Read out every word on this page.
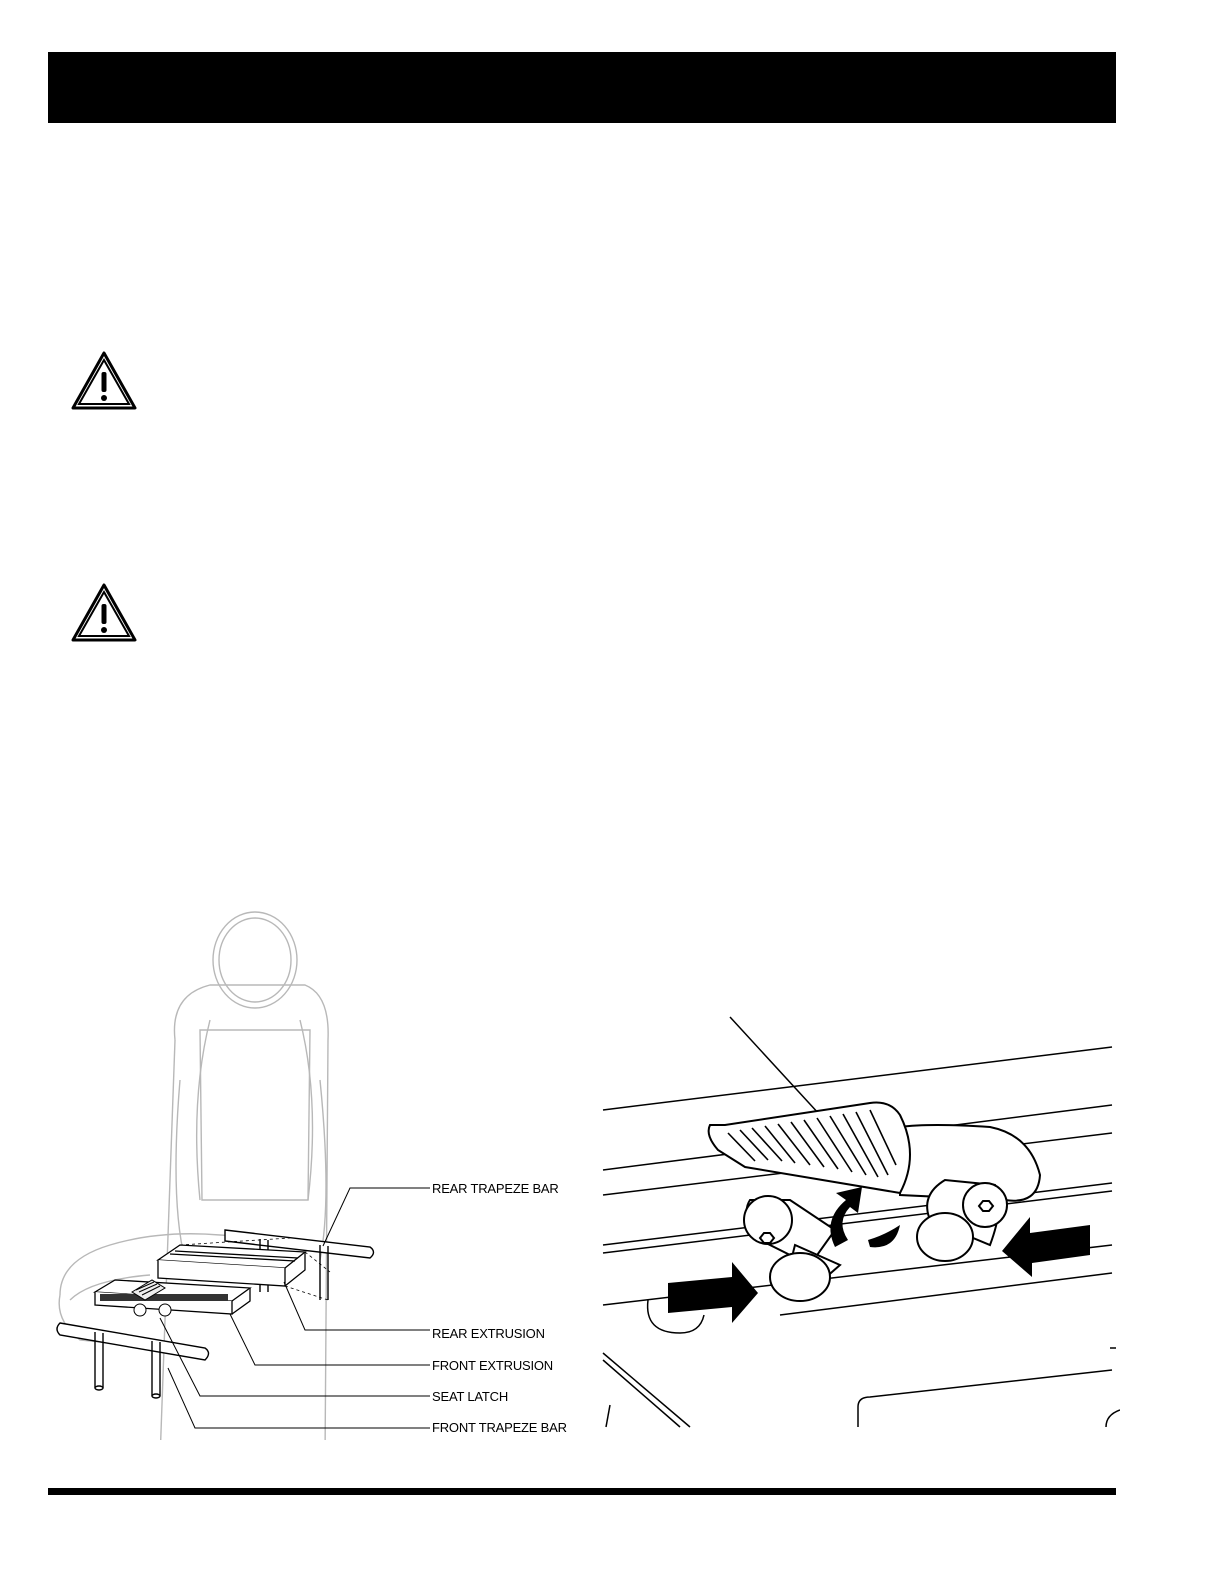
REAR TRAPEZE BAR
REAR EXTRUSION
FRONT EXTRUSION
SEAT LATCH
FRONT TRAPEZE BAR
